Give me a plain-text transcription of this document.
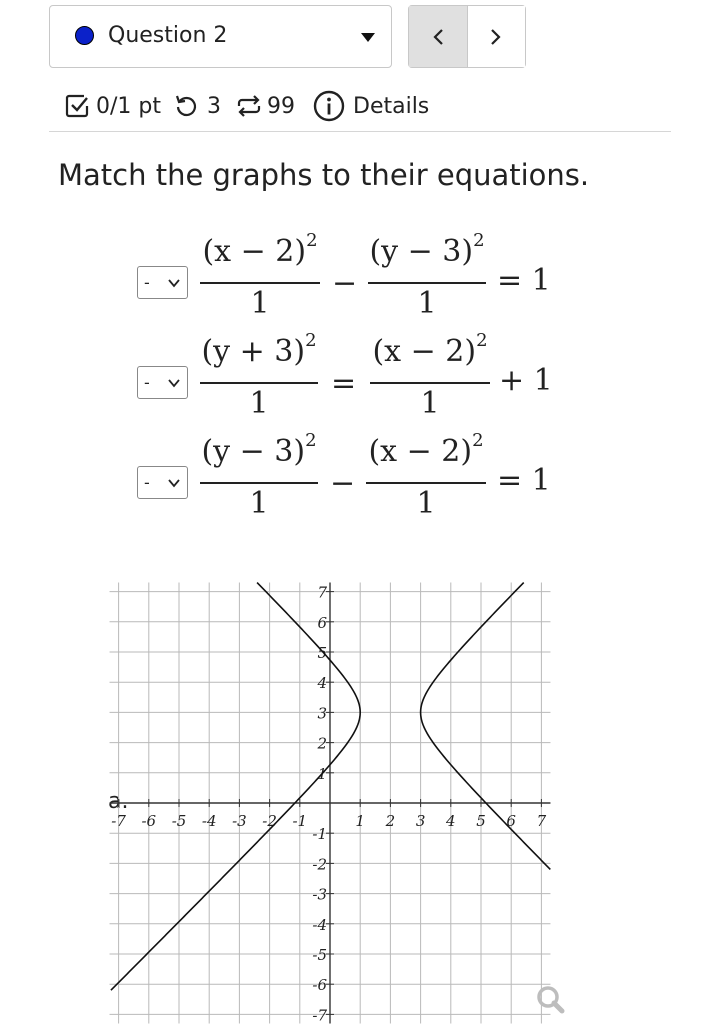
Question 2
0/1 pt 3 99	Details
Match the graphs to their equations.
-
$(x - 2)^2$
1
−
$(y - 3)^2$
1
= 1
-
$(y + 3)^2$
1
=
$(x - 2)^2$
1
+ 1
-
$(y - 3)^2$
1
−
$(x - 2)^2$
1
= 1
a.
-7 -6 -5 -4 -3 -2 -1	1 2 3 4 5 6 7
7
6
5
4
3
2
1
-1
-2
-3
-4
-5
-6
-7
